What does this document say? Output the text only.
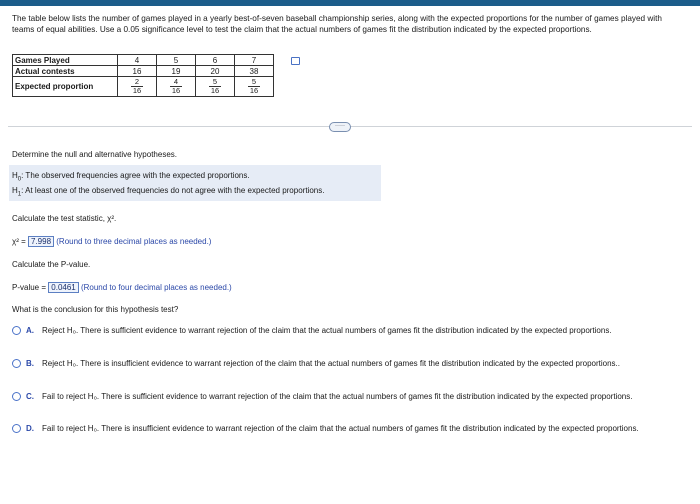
The table below lists the number of games played in a yearly best-of-seven baseball championship series, along with the expected proportions for the number of games played with teams of equal abilities. Use a 0.05 significance level to test the claim that the actual numbers of games fit the distribution indicated by the expected proportions.
Games Played	4	5	6	7
Actual contests	16	19	20	38
Expected proportion	$\frac{2}{16}$	$\frac{4}{16}$	$\frac{5}{16}$	$\frac{5}{16}$
·····
Determine the null and alternative hypotheses.
$H_0$: The observed frequencies agree with the expected proportions.
$H_1$: At least one of the observed frequencies do not agree with the expected proportions.
Calculate the test statistic, χ².
χ² = 7.998 (Round to three decimal places as needed.)
Calculate the P-value.
P-value = 0.0461 (Round to four decimal places as needed.)
What is the conclusion for this hypothesis test?
A. Reject H₀. There is sufficient evidence to warrant rejection of the claim that the actual numbers of games fit the distribution indicated by the expected proportions.
B. Reject H₀. There is insufficient evidence to warrant rejection of the claim that the actual numbers of games fit the distribution indicated by the expected proportions..
C. Fail to reject H₀. There is sufficient evidence to warrant rejection of the claim that the actual numbers of games fit the distribution indicated by the expected proportions.
D. Fail to reject H₀. There is insufficient evidence to warrant rejection of the claim that the actual numbers of games fit the distribution indicated by the expected proportions.
